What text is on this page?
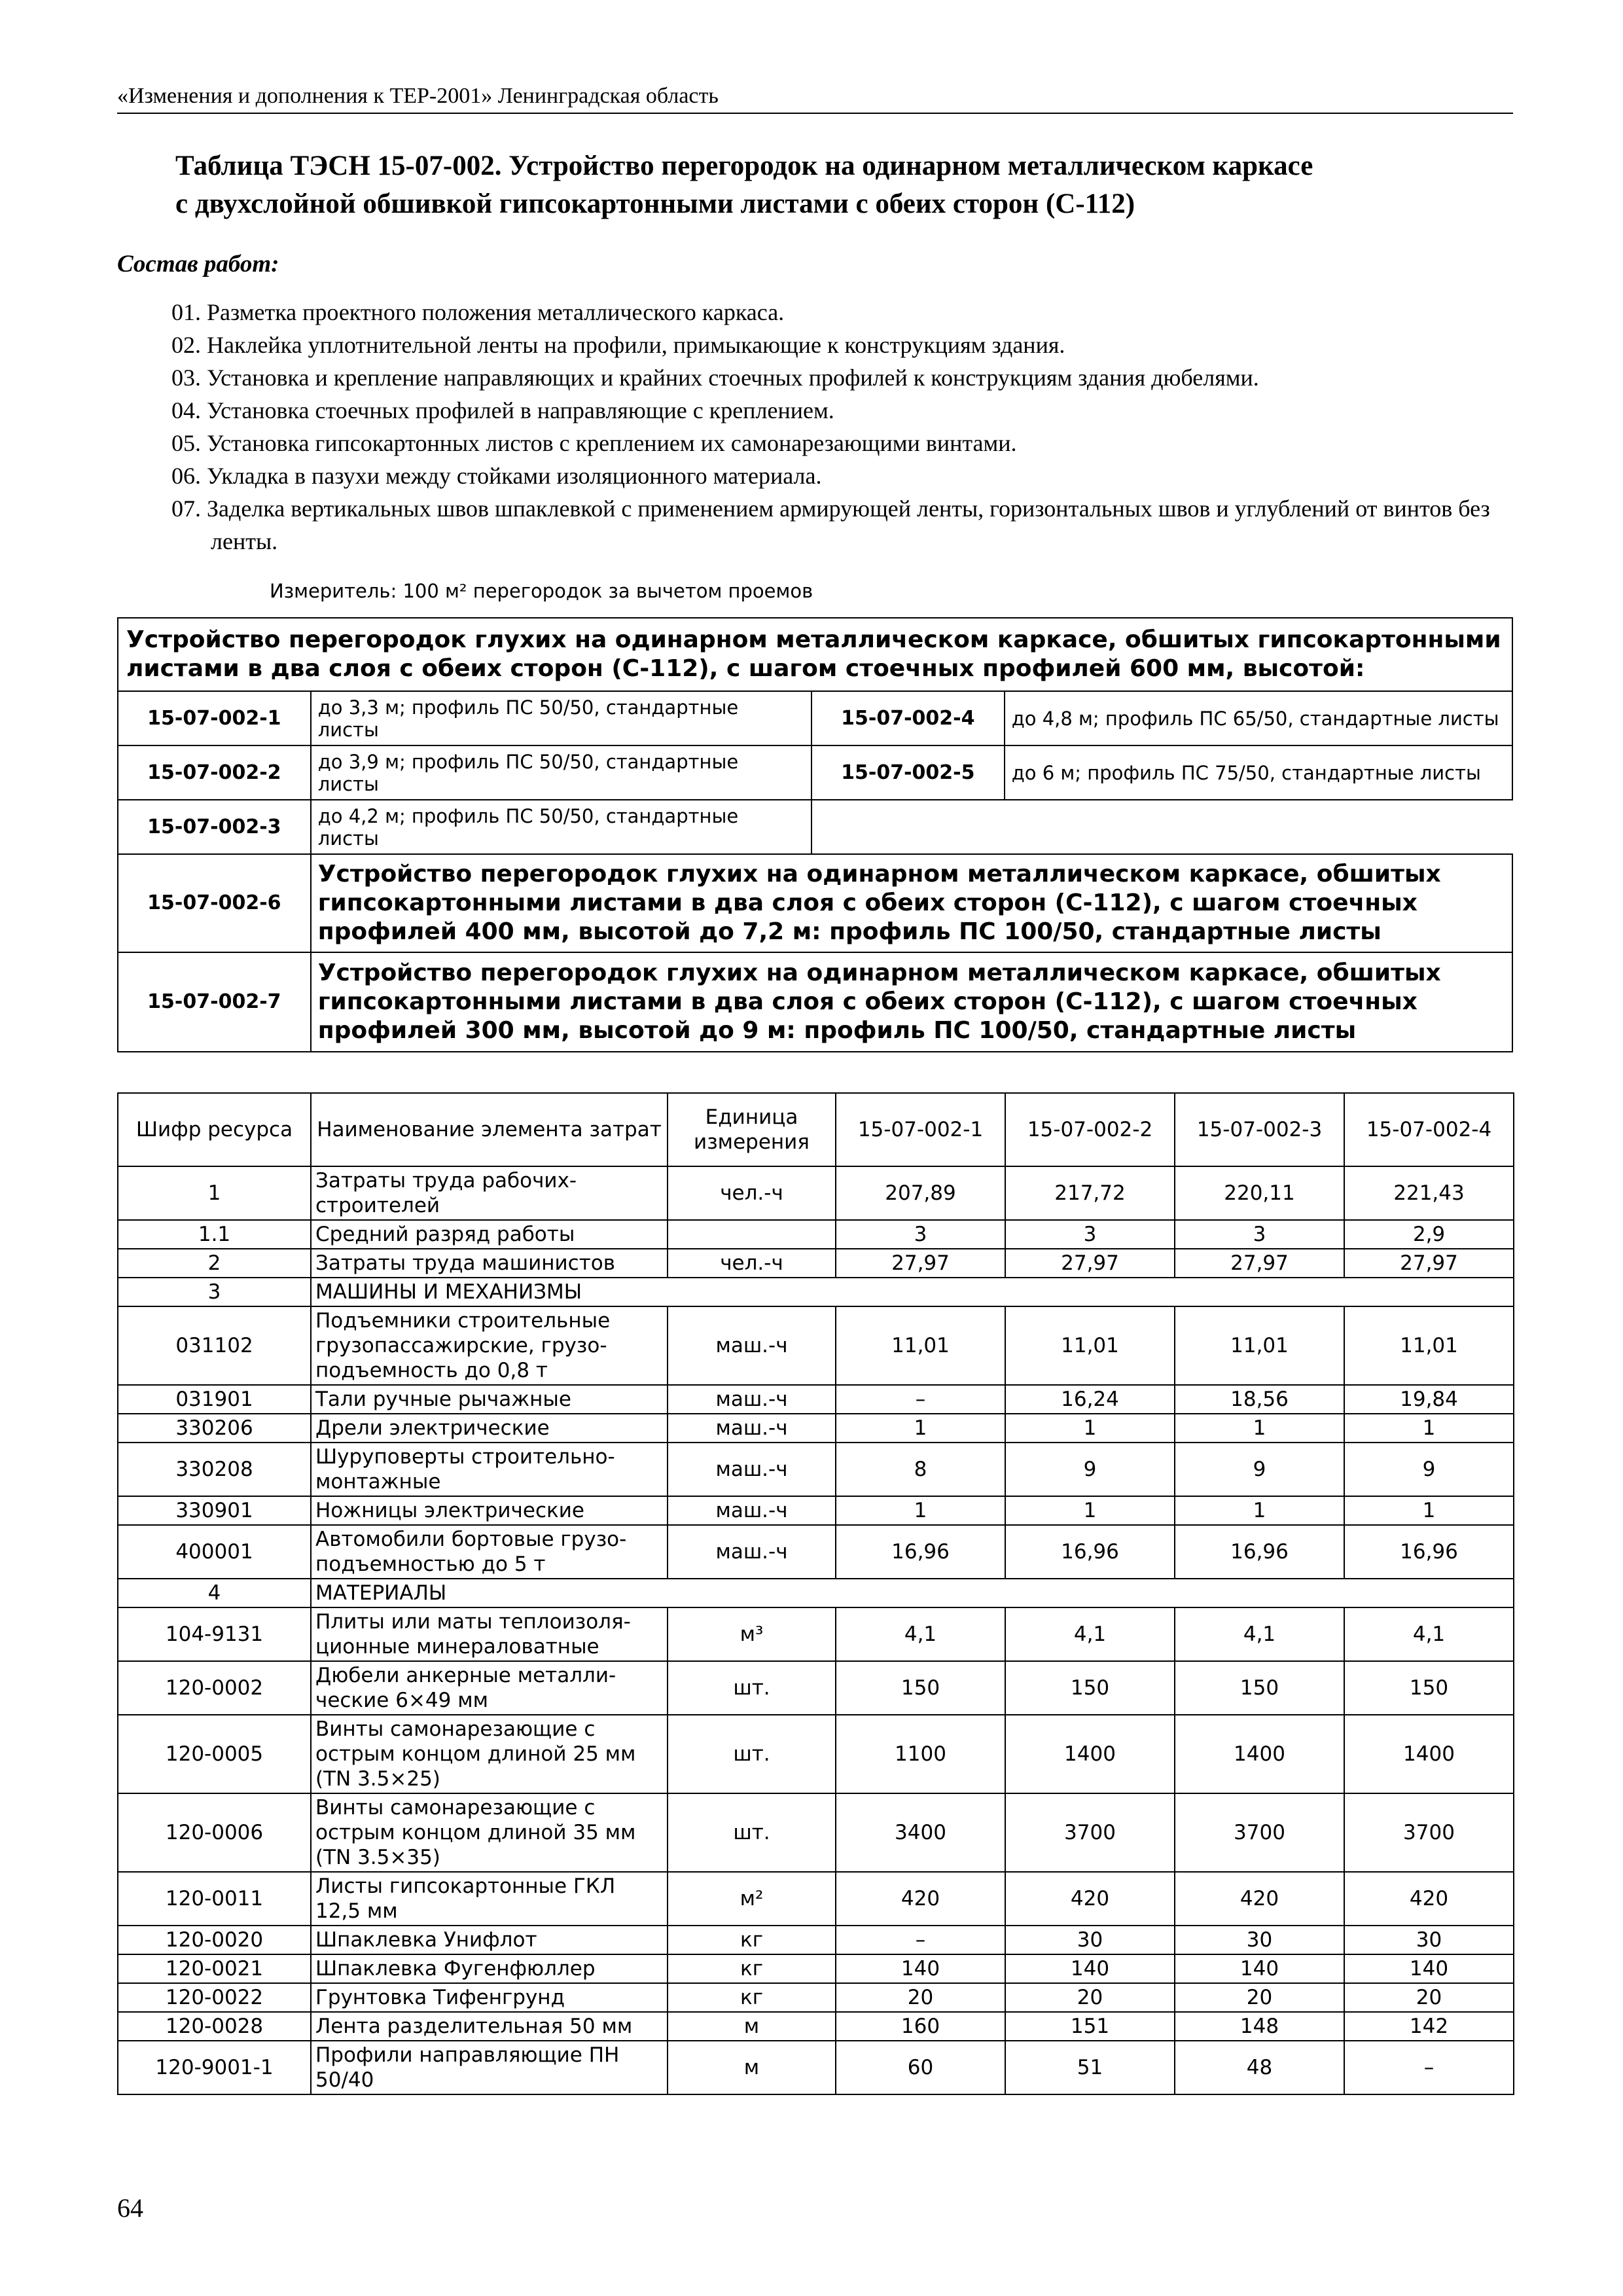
«Изменения и дополнения к ТЕР-2001» Ленинградская область
Таблица ТЭСН 15-07-002. Устройство перегородок на одинарном металлическом каркасе
с двухслойной обшивкой гипсокартонными листами с обеих сторон (С-112)
Состав работ:
01. Разметка проектного положения металлического каркаса.
02. Наклейка уплотнительной ленты на профили, примыкающие к конструкциям здания.
03. Установка и крепление направляющих и крайних стоечных профилей к конструкциям здания дюбелями.
04. Установка стоечных профилей в направляющие с креплением.
05. Установка гипсокартонных листов с креплением их самонарезающими винтами.
06. Укладка в пазухи между стойками изоляционного материала.
07. Заделка вертикальных швов шпаклевкой с применением армирующей ленты, горизонтальных швов и углублений от винтов без ленты.
Измеритель: 100 м² перегородок за вычетом проемов
Устройство перегородок глухих на одинарном металлическом каркасе, обшитых гипсокартонными листами в два слоя с обеих сторон (С-112), с шагом стоечных профилей 600 мм, высотой:			
15-07-002-1	до 3,3 м; профиль ПС 50/50, стандартные листы	15-07-002-4	до 4,8 м; профиль ПС 65/50, стандартные листы
15-07-002-2	до 3,9 м; профиль ПС 50/50, стандартные листы	15-07-002-5	до 6 м; профиль ПС 75/50, стандартные листы
15-07-002-3	до 4,2 м; профиль ПС 50/50, стандартные листы		
15-07-002-6	Устройство перегородок глухих на одинарном металлическом каркасе, обшитых гипсокартонными листами в два слоя с обеих сторон (С-112), с шагом стоечных профилей 400 мм, высотой до 7,2 м: профиль ПС 100/50, стандартные листы		
15-07-002-7	Устройство перегородок глухих на одинарном металлическом каркасе, обшитых гипсокартонными листами в два слоя с обеих сторон (С-112), с шагом стоечных профилей 300 мм, высотой до 9 м: профиль ПС 100/50, стандартные листы		
Шифр ресурса	Наименование элемента затрат	Единица измерения	15-07-002-1	15-07-002-2	15-07-002-3	15-07-002-4
1	Затраты труда рабочих-строителей	чел.-ч	207,89	217,72	220,11	221,43
1.1	Средний разряд работы		3	3	3	2,9
2	Затраты труда машинистов	чел.-ч	27,97	27,97	27,97	27,97
3	МАШИНЫ И МЕХАНИЗМЫ					
031102	Подъемники строительные грузопассажирские, грузо-подъемность до 0,8 т	маш.-ч	11,01	11,01	11,01	11,01
031901	Тали ручные рычажные	маш.-ч	–	16,24	18,56	19,84
330206	Дрели электрические	маш.-ч	1	1	1	1
330208	Шуруповерты строительно-монтажные	маш.-ч	8	9	9	9
330901	Ножницы электрические	маш.-ч	1	1	1	1
400001	Автомобили бортовые грузо-подъемностью до 5 т	маш.-ч	16,96	16,96	16,96	16,96
4	МАТЕРИАЛЫ					
104-9131	Плиты или маты теплоизоля-ционные минераловатные	м³	4,1	4,1	4,1	4,1
120-0002	Дюбели анкерные металли-ческие 6×49 мм	шт.	150	150	150	150
120-0005	Винты самонарезающие с острым концом длиной 25 мм (TN 3.5×25)	шт.	1100	1400	1400	1400
120-0006	Винты самонарезающие с острым концом длиной 35 мм (TN 3.5×35)	шт.	3400	3700	3700	3700
120-0011	Листы гипсокартонные ГКЛ 12,5 мм	м²	420	420	420	420
120-0020	Шпаклевка Унифлот	кг	–	30	30	30
120-0021	Шпаклевка Фугенфюллер	кг	140	140	140	140
120-0022	Грунтовка Тифенгрунд	кг	20	20	20	20
120-0028	Лента разделительная 50 мм	м	160	151	148	142
120-9001-1	Профили направляющие ПН 50/40	м	60	51	48	–
64
